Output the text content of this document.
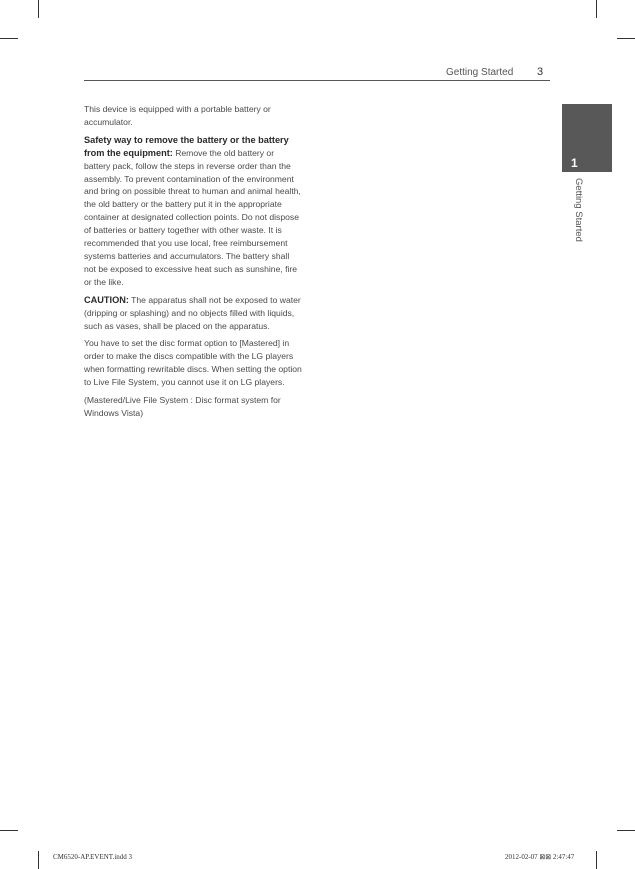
Getting Started 3
1
Getting Started

This device is equipped with a portable battery or accumulator.

Safety way to remove the battery or the battery from the equipment: Remove the old battery or battery pack, follow the steps in reverse order than the assembly. To prevent contamination of the environment and bring on possible threat to human and animal health, the old battery or the battery put it in the appropriate container at designated collection points. Do not dispose of batteries or battery together with other waste. It is recommended that you use local, free reimbursement systems batteries and accumulators. The battery shall not be exposed to excessive heat such as sunshine, fire or the like.

CAUTION: The apparatus shall not be exposed to water (dripping or splashing) and no objects filled with liquids, such as vases, shall be placed on the apparatus.

You have to set the disc format option to [Mastered] in order to make the discs compatible with the LG players when formatting rewritable discs. When setting the option to Live File System, you cannot use it on LG players.

(Mastered/Live File System : Disc format system for Windows Vista)

CM6520-AP.EVENT.indd 3	2012-02-07 ⊠⊠ 2:47:47
